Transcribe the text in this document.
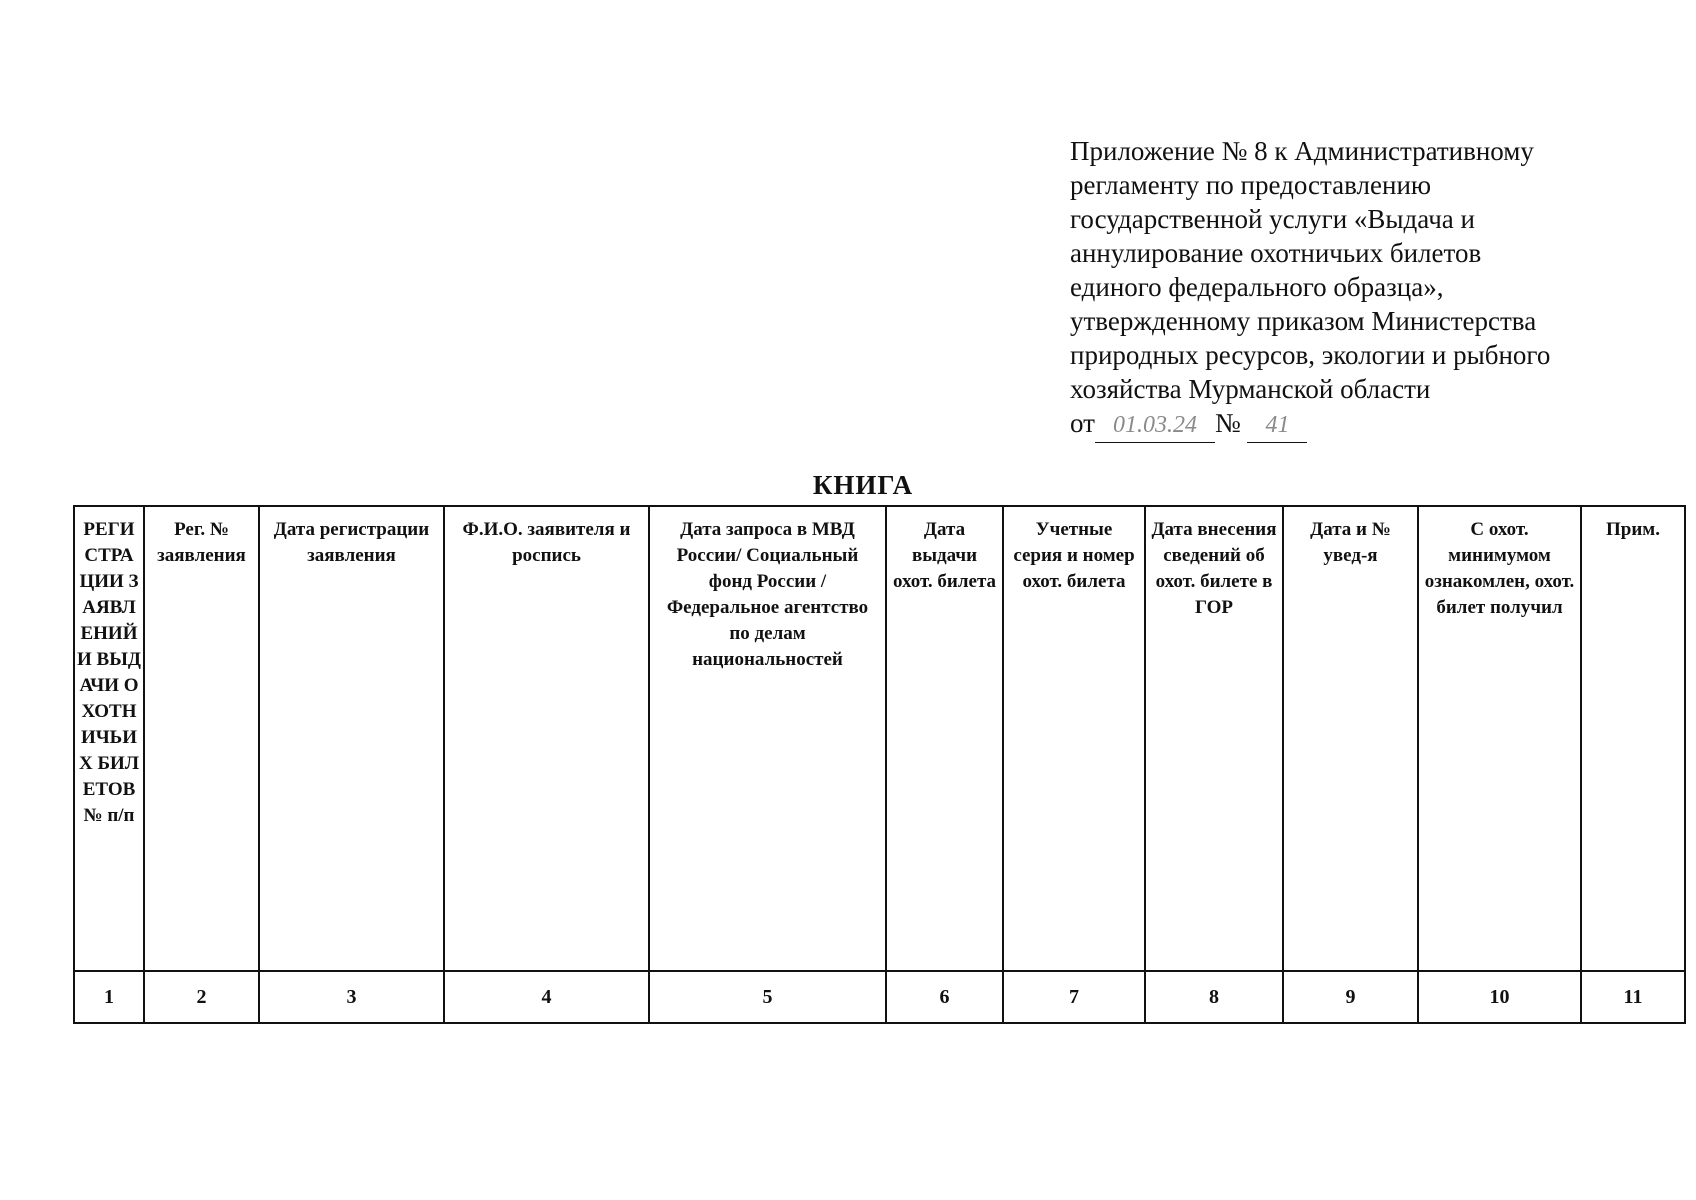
Приложение № 8 к Административному
регламенту по предоставлению
государственной услуги «Выдача и
аннулирование охотничьих билетов
единого федерального образца»,
утвержденному приказом Министерства
природных ресурсов, экологии и рыбного
хозяйства Мурманской области
от 01.03.24 № 41
КНИГА
РЕГИСТРАЦИИ ЗАЯВЛЕНИЙ И ВЫДАЧИ ОХОТНИЧЬИХ БИЛЕТОВ№ п/п	Рег. № заявления	Дата регистрации заявления	Ф.И.О. заявителя и роспись	Дата запроса в МВД России/ Социальный фонд России / Федеральное агентство по делам национальностей	Дата выдачи охот. билета	Учетные серия и номер охот. билета	Дата внесения сведений об охот. билете в ГОР	Дата и № увед-я	С охот. минимумом ознакомлен, охот. билет получил	Прим.
1	2	3	4	5	6	7	8	9	10	11
